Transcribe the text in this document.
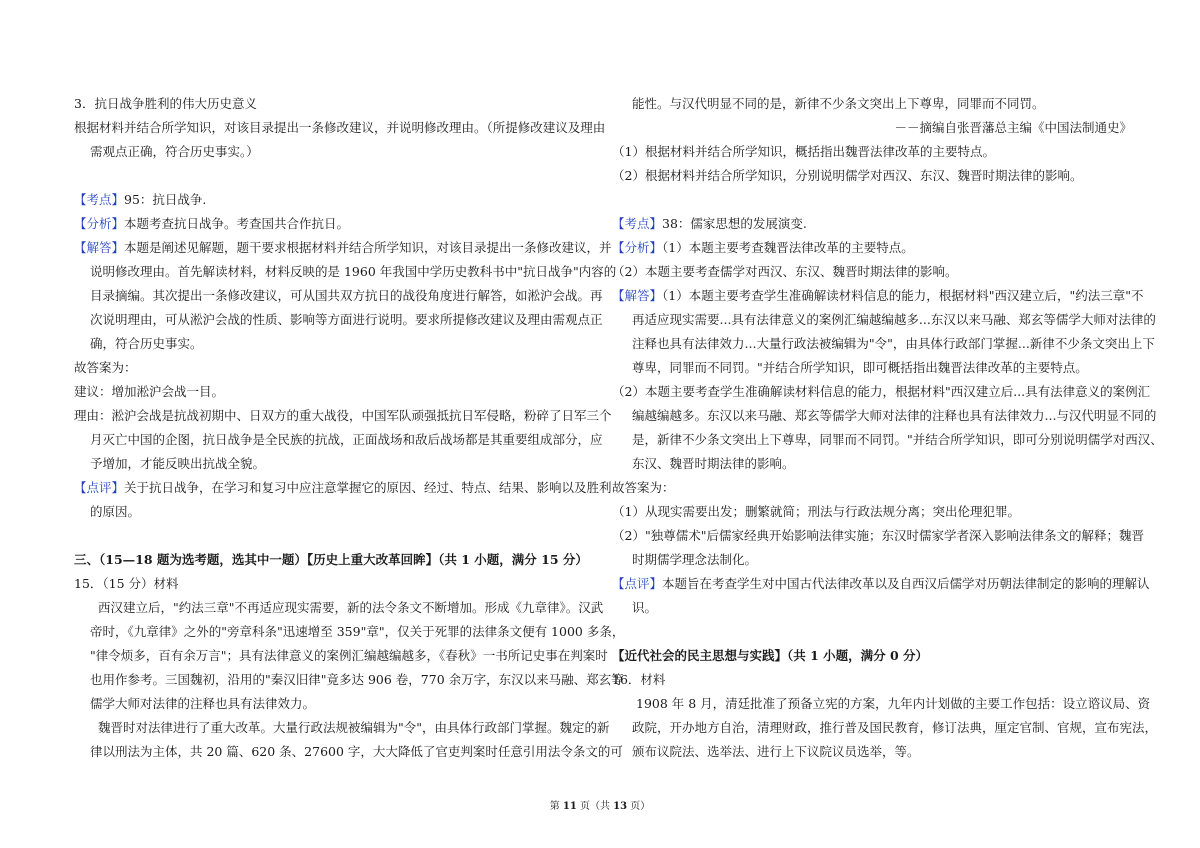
3．抗日战争胜利的伟大历史意义
根据材料并结合所学知识，对该目录提出一条修改建议，并说明修改理由。（所提修改建议及理由
需观点正确，符合历史事实。）
【考点】95：抗日战争.
【分析】本题考查抗日战争。考查国共合作抗日。
【解答】本题是阐述见解题，题干要求根据材料并结合所学知识，对该目录提出一条修改建议，并
说明修改理由。首先解读材料，材料反映的是 1960 年我国中学历史教科书中"抗日战争"内容的
目录摘编。其次提出一条修改建议，可从国共双方抗日的战役角度进行解答，如淞沪会战。再
次说明理由，可从淞沪会战的性质、影响等方面进行说明。要求所提修改建议及理由需观点正
确，符合历史事实。
故答案为：
建议：增加淞沪会战一目。
理由：淞沪会战是抗战初期中、日双方的重大战役，中国军队顽强抵抗日军侵略，粉碎了日军三个
月灭亡中国的企图，抗日战争是全民族的抗战，正面战场和敌后战场都是其重要组成部分，应
予增加，才能反映出抗战全貌。
【点评】关于抗日战争，在学习和复习中应注意掌握它的原因、经过、特点、结果、影响以及胜利
的原因。
三、（15—18 题为选考题，选其中一题）【历史上重大改革回眸】（共 1 小题，满分 15 分）
15．（15 分）材料
西汉建立后，"约法三章"不再适应现实需要，新的法令条文不断增加。形成《九章律》。汉武
帝时，《九章律》之外的"旁章科条"迅速增至 359"章"，仅关于死罪的法律条文便有 1000 多条，
"律令烦多，百有余万言"；具有法律意义的案例汇编越编越多，《春秋》一书所记史事在判案时
也用作参考。三国魏初，沿用的"秦汉旧律"竟多达 906 卷，770 余万字，东汉以来马融、郑玄等
儒学大师对法律的注释也具有法律效力。
魏晋时对法律进行了重大改革。大量行政法规被编辑为"令"，由具体行政部门掌握。魏定的新
律以刑法为主体，共 20 篇、620 条、27600 字，大大降低了官吏判案时任意引用法令条文的可
能性。与汉代明显不同的是，新律不少条文突出上下尊卑，同罪而不同罚。
－－摘编自张晋藩总主编《中国法制通史》
（1）根据材料并结合所学知识，概括指出魏晋法律改革的主要特点。
（2）根据材料并结合所学知识，分别说明儒学对西汉、东汉、魏晋时期法律的影响。
【考点】38：儒家思想的发展演变.
【分析】（1）本题主要考查魏晋法律改革的主要特点。
（2）本题主要考查儒学对西汉、东汉、魏晋时期法律的影响。
【解答】（1）本题主要考查学生准确解读材料信息的能力，根据材料"西汉建立后，"约法三章"不
再适应现实需要...具有法律意义的案例汇编越编越多...东汉以来马融、郑玄等儒学大师对法律的
注释也具有法律效力...大量行政法被编辑为"令"，由具体行政部门掌握...新律不少条文突出上下
尊卑，同罪而不同罚。"并结合所学知识，即可概括指出魏晋法律改革的主要特点。
（2）本题主要考查学生准确解读材料信息的能力，根据材料"西汉建立后...具有法律意义的案例汇
编越编越多。东汉以来马融、郑玄等儒学大师对法律的注释也具有法律效力...与汉代明显不同的
是，新律不少条文突出上下尊卑，同罪而不同罚。"并结合所学知识，即可分别说明儒学对西汉、
东汉、魏晋时期法律的影响。
故答案为：
（1）从现实需要出发；删繁就简；刑法与行政法规分离；突出伦理犯罪。
（2）"独尊儒术"后儒家经典开始影响法律实施；东汉时儒家学者深入影响法律条文的解释；魏晋
时期儒学理念法制化。
【点评】本题旨在考查学生对中国古代法律改革以及自西汉后儒学对历朝法律制定的影响的理解认
识。
【近代社会的民主思想与实践】（共 1 小题，满分 0 分）
16．材料
1908 年 8 月，清廷批准了预备立宪的方案，九年内计划做的主要工作包括：设立谘议局、资
政院，开办地方自治，清理财政，推行普及国民教育，修订法典，厘定官制、官规，宣布宪法，
颁布议院法、选举法、进行上下议院议员选举，等。
第 11 页（共 13 页）
